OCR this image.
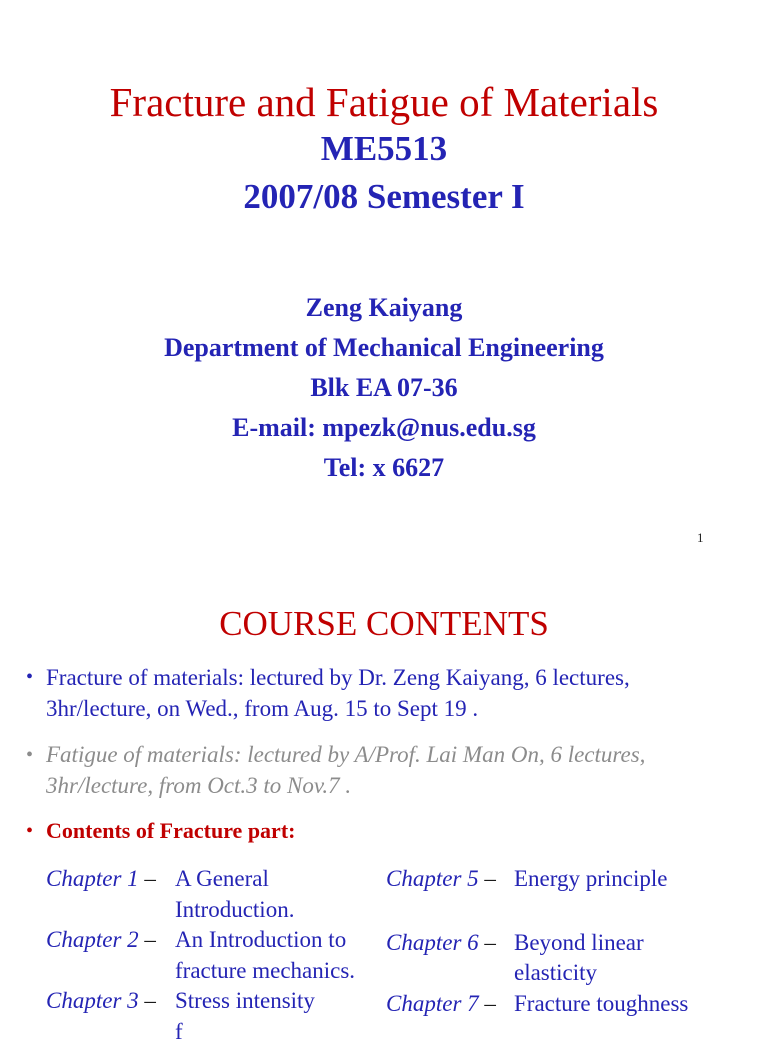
Fracture and Fatigue of Materials
ME5513
2007/08 Semester I
Zeng Kaiyang
Department of Mechanical Engineering
Blk EA 07-36
E-mail: mpezk@nus.edu.sg
Tel: x 6627
1
COURSE CONTENTS
• Fracture of materials: lectured by Dr. Zeng Kaiyang, 6 lectures,
3hr/lecture, on Wed., from Aug. 15 to Sept 19 .
• Fatigue of materials: lectured by A/Prof. Lai Man On, 6 lectures,
3hr/lecture, from Oct.3 to Nov.7 .
• Contents of Fracture part:
Chapter 1 – A General
Introduction.
Chapter 2 – An Introduction to
fracture mechanics.
Chapter 3 – Stress intensity
f
Chapter 5 – Energy principle
Chapter 6 – Beyond linear
elasticity
Chapter 7 – Fracture toughness
